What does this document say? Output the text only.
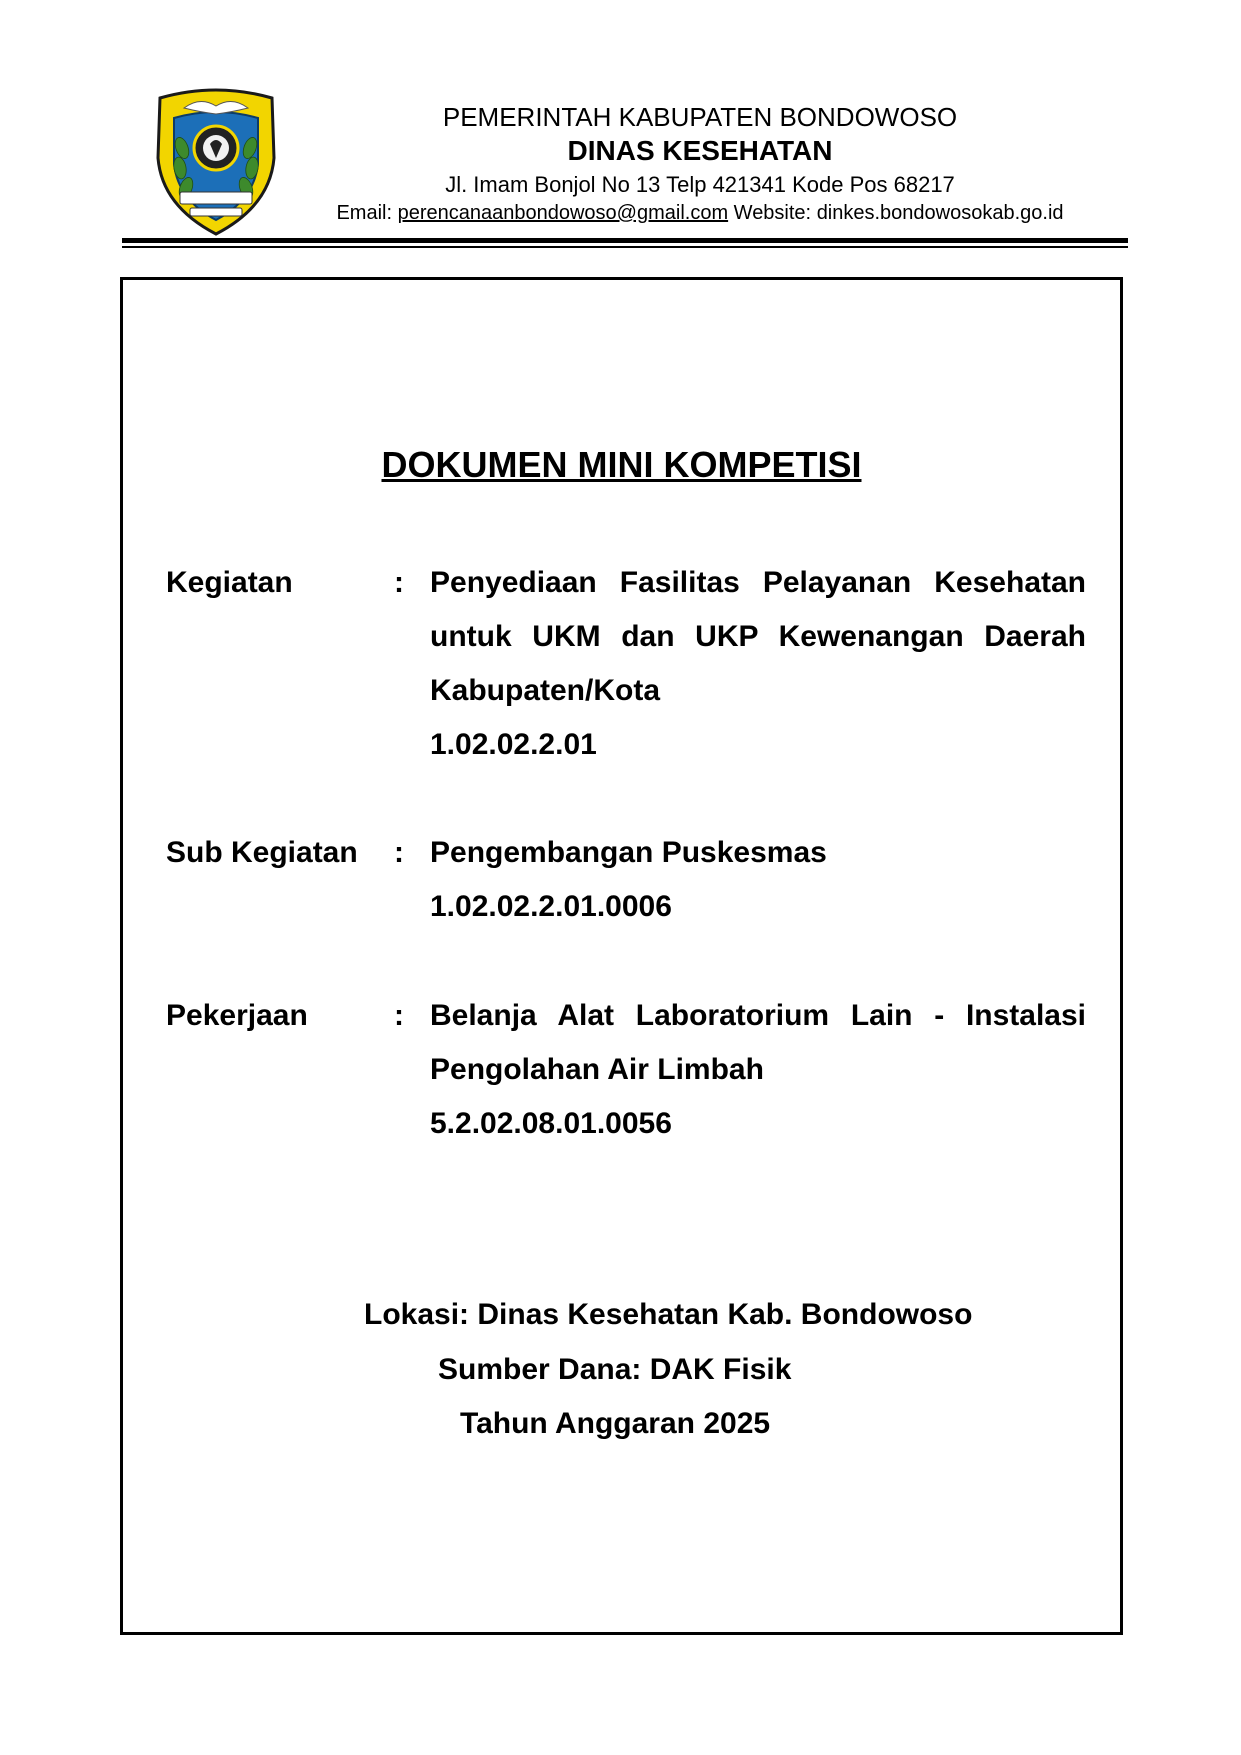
PEMERINTAH KABUPATEN BONDOWOSO
DINAS KESEHATAN
Jl. Imam Bonjol No 13 Telp 421341 Kode Pos 68217
Email: perencanaanbondowoso@gmail.com Website: dinkes.bondowosokab.go.id
DOKUMEN MINI KOMPETISI
Kegiatan	: Penyediaan Fasilitas Pelayanan Kesehatan untuk UKM dan UKP Kewenangan Daerah Kabupaten/Kota
1.02.02.2.01
Sub Kegiatan : Pengembangan Puskesmas
1.02.02.2.01.0006
Pekerjaan	: Belanja Alat Laboratorium Lain - Instalasi Pengolahan Air Limbah
5.2.02.08.01.0056
Lokasi: Dinas Kesehatan Kab. Bondowoso
Sumber Dana: DAK Fisik
Tahun Anggaran 2025
